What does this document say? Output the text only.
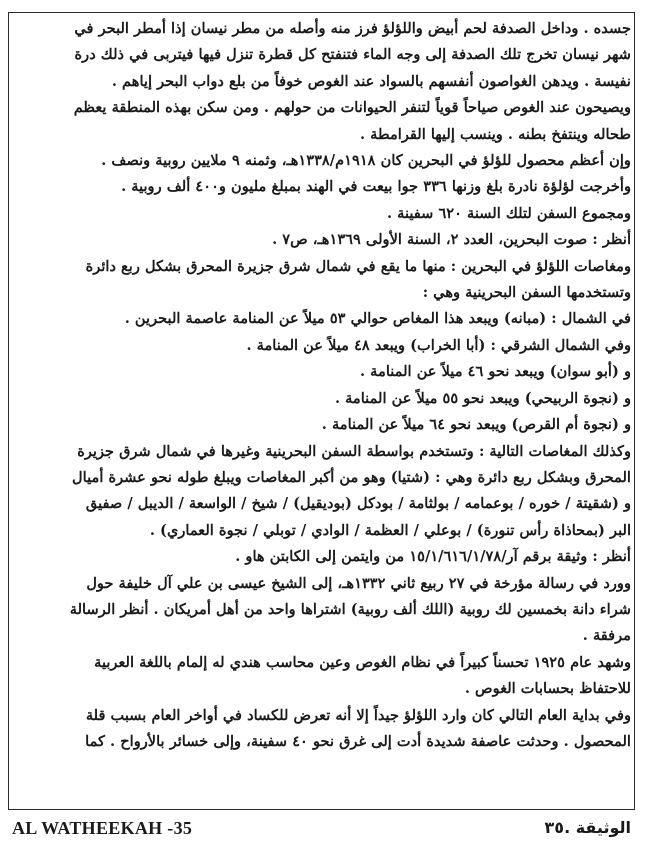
جسده . وداخل الصدفة لحم أبيض واللؤلؤ فرز منه وأصله من مطر نيسان إذا أمطر البحر في
شهر نيسان تخرج تلك الصدفة إلى وجه الماء فتنفتح كل قطرة تنزل فيها فيتربى في ذلك درة
نفيسة . ويدهن الغواصون أنفسهم بالسواد عند الغوص خوفاً من بلع دواب البحر إياهم .
ويصيحون عند الغوص صياحاً قوياً لتنفر الحيوانات من حولهم . ومن سكن بهذه المنطقة يعظم
طحاله وينتفخ بطنه . وينسب إليها القرامطة .
وإن أعظم محصول للؤلؤ في البحرين كان ١٩١٨م/١٣٣٨هـ، وثمنه ٩ ملايين روبية ونصف .
وأخرجت لؤلؤة نادرة بلغ وزنها ٣٣٦ جوا بيعت في الهند بمبلغ مليون و٤٠٠ ألف روبية .
ومجموع السفن لتلك السنة ٦٢٠ سفينة .
أنظر : صوت البحرين، العدد ٢، السنة الأولى ١٣٦٩هـ، ص٧ .
ومغاصات اللؤلؤ في البحرين : منها ما يقع في شمال شرق جزيرة المحرق بشكل ربع دائرة
وتستخدمها السفن البحرينية وهي :
في الشمال : (مبانه) ويبعد هذا المغاص حوالي ٥٣ ميلاً عن المنامة عاصمة البحرين .
وفي الشمال الشرقي : (أبا الخراب) ويبعد ٤٨ ميلاً عن المنامة .
و (أبو سوان) ويبعد نحو ٤٦ ميلاً عن المنامة .
و (نجوة الربيحي) ويبعد نحو ٥٥ ميلاً عن المنامة .
و (نجوة أم القرص) ويبعد نحو ٦٤ ميلاً عن المنامة .
وكذلك المغاصات التالية : وتستخدم بواسطة السفن البحرينية وغيرها في شمال شرق جزيرة
المحرق وبشكل ربع دائرة وهي : (شتيا) وهو من أكبر المغاصات ويبلغ طوله نحو عشرة أميال
و (شقيتة / خوره / بوعمامه / بولثامة / بودكل (بوديقيل) / شيخ / الواسعة / الديبل / صفيق
البر (بمحاذاة رأس تنورة) / بوعلي / العظمة / الوادي / توبلي / نجوة العماري) .
أنظر : وثيقة برقم آر/١٥/١/٦١٦/١/٧٨ من وايتمن إلى الكابتن هاو .
وورد في رسالة مؤرخة في ٢٧ ربيع ثاني ١٣٣٢هـ، إلى الشيخ عيسى بن علي آل خليفة حول
شراء دانة بخمسين لك روبية (اللك ألف روبية) اشتراها واحد من أهل أمريكان . أنظر الرسالة
مرفقة .
وشهد عام ١٩٢٥ تحسناً كبيراً في نظام الغوص وعين محاسب هندي له إلمام باللغة العربية
للاحتفاظ بحسابات الغوص .
وفي بداية العام التالي كان وارد اللؤلؤ جيداً إلا أنه تعرض للكساد في أواخر العام بسبب قلة
المحصول . وحدثت عاصفة شديدة أدت إلى غرق نحو ٤٠ سفينة، وإلى خسائر بالأرواح . كما
AL WATHEEKAH -35	الوثيقة .٣٥
